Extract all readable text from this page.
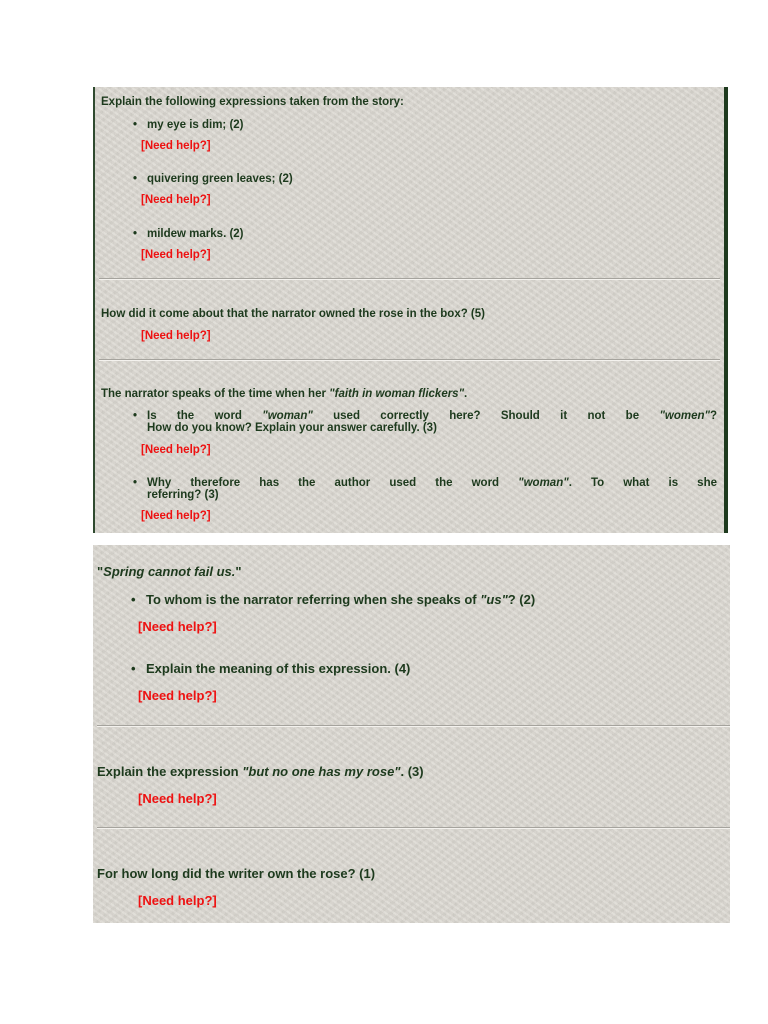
Explain the following expressions taken from the story:

• my eye is dim; (2)

[Need help?]

• quivering green leaves; (2)

[Need help?]

• mildew marks. (2)

[Need help?]

How did it come about that the narrator owned the rose in the box? (5)

[Need help?]

The narrator speaks of the time when her "faith in woman flickers".

• Is the word "woman" used correctly here? Should it not be "women"?
How do you know? Explain your answer carefully. (3)
[Need help?]
• Why therefore has the author used the word "woman". To what is she
referring? (3)
[Need help?]

"Spring cannot fail us."

• To whom is the narrator referring when she speaks of "us"? (2)

[Need help?]

• Explain the meaning of this expression. (4)

[Need help?]

Explain the expression "but no one has my rose". (3)

[Need help?]

For how long did the writer own the rose? (1)

[Need help?]
